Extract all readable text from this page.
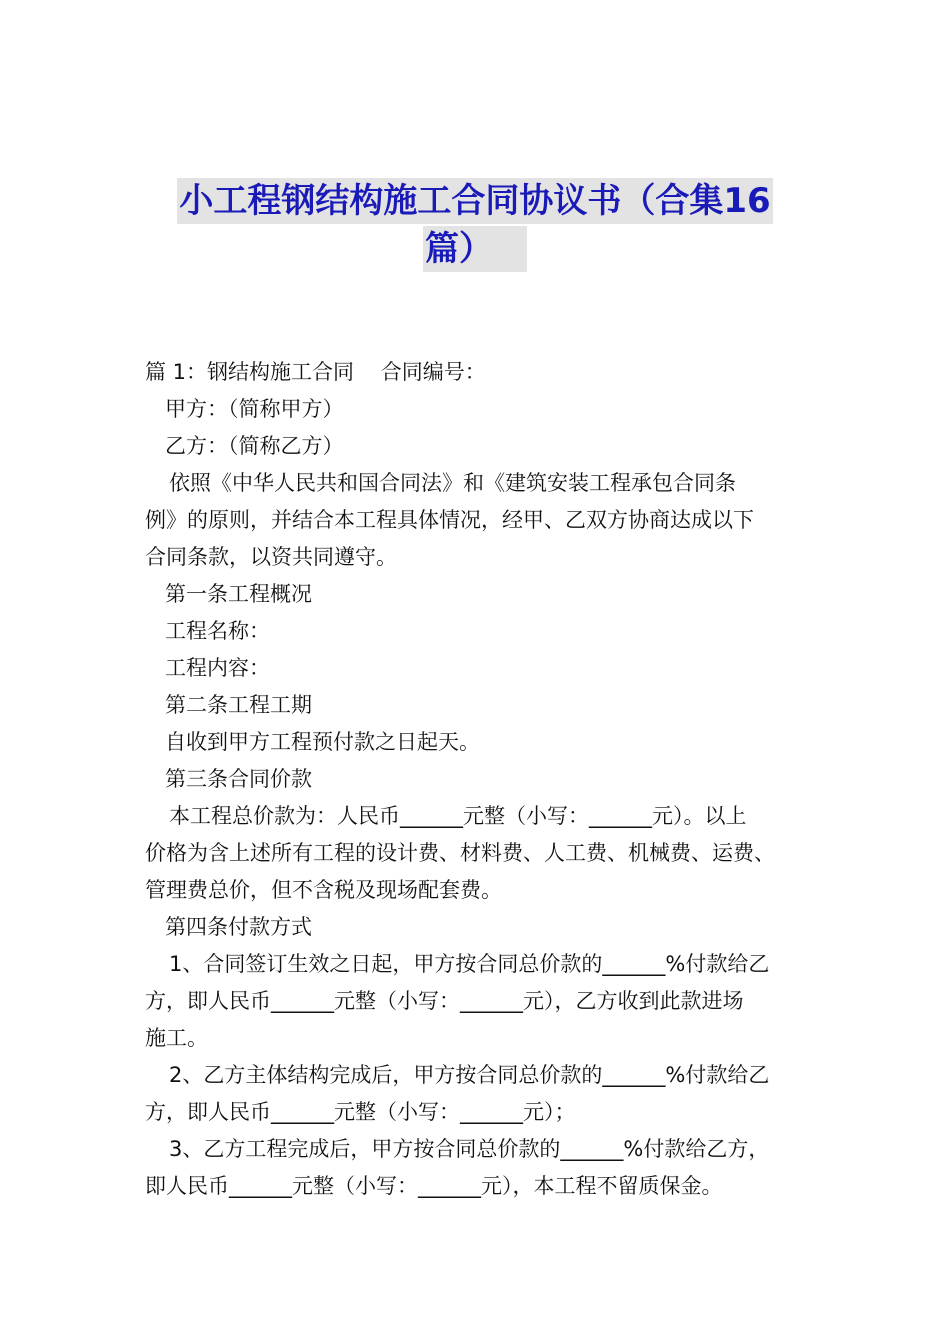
小工程钢结构施工合同协议书（合集16
篇）

篇 1：钢结构施工合同    合同编号：

甲方：（简称甲方）

乙方：（简称乙方）

依照《中华人民共和国合同法》和《建筑安装工程承包合同条

例》的原则，并结合本工程具体情况，经甲、乙双方协商达成以下

合同条款，以资共同遵守。

第一条工程概况

工程名称：

工程内容：

第二条工程工期

自收到甲方工程预付款之日起天。

第三条合同价款

本工程总价款为：人民币______元整（小写：______元）。以上

价格为含上述所有工程的设计费、材料费、人工费、机械费、运费、

管理费总价，但不含税及现场配套费。

第四条付款方式

1、合同签订生效之日起，甲方按合同总价款的______%付款给乙

方，即人民币______元整（小写：______元），乙方收到此款进场

施工。

2、乙方主体结构完成后，甲方按合同总价款的______%付款给乙

方，即人民币______元整（小写：______元）；

3、乙方工程完成后，甲方按合同总价款的______%付款给乙方，

即人民币______元整（小写：______元），本工程不留质保金。
